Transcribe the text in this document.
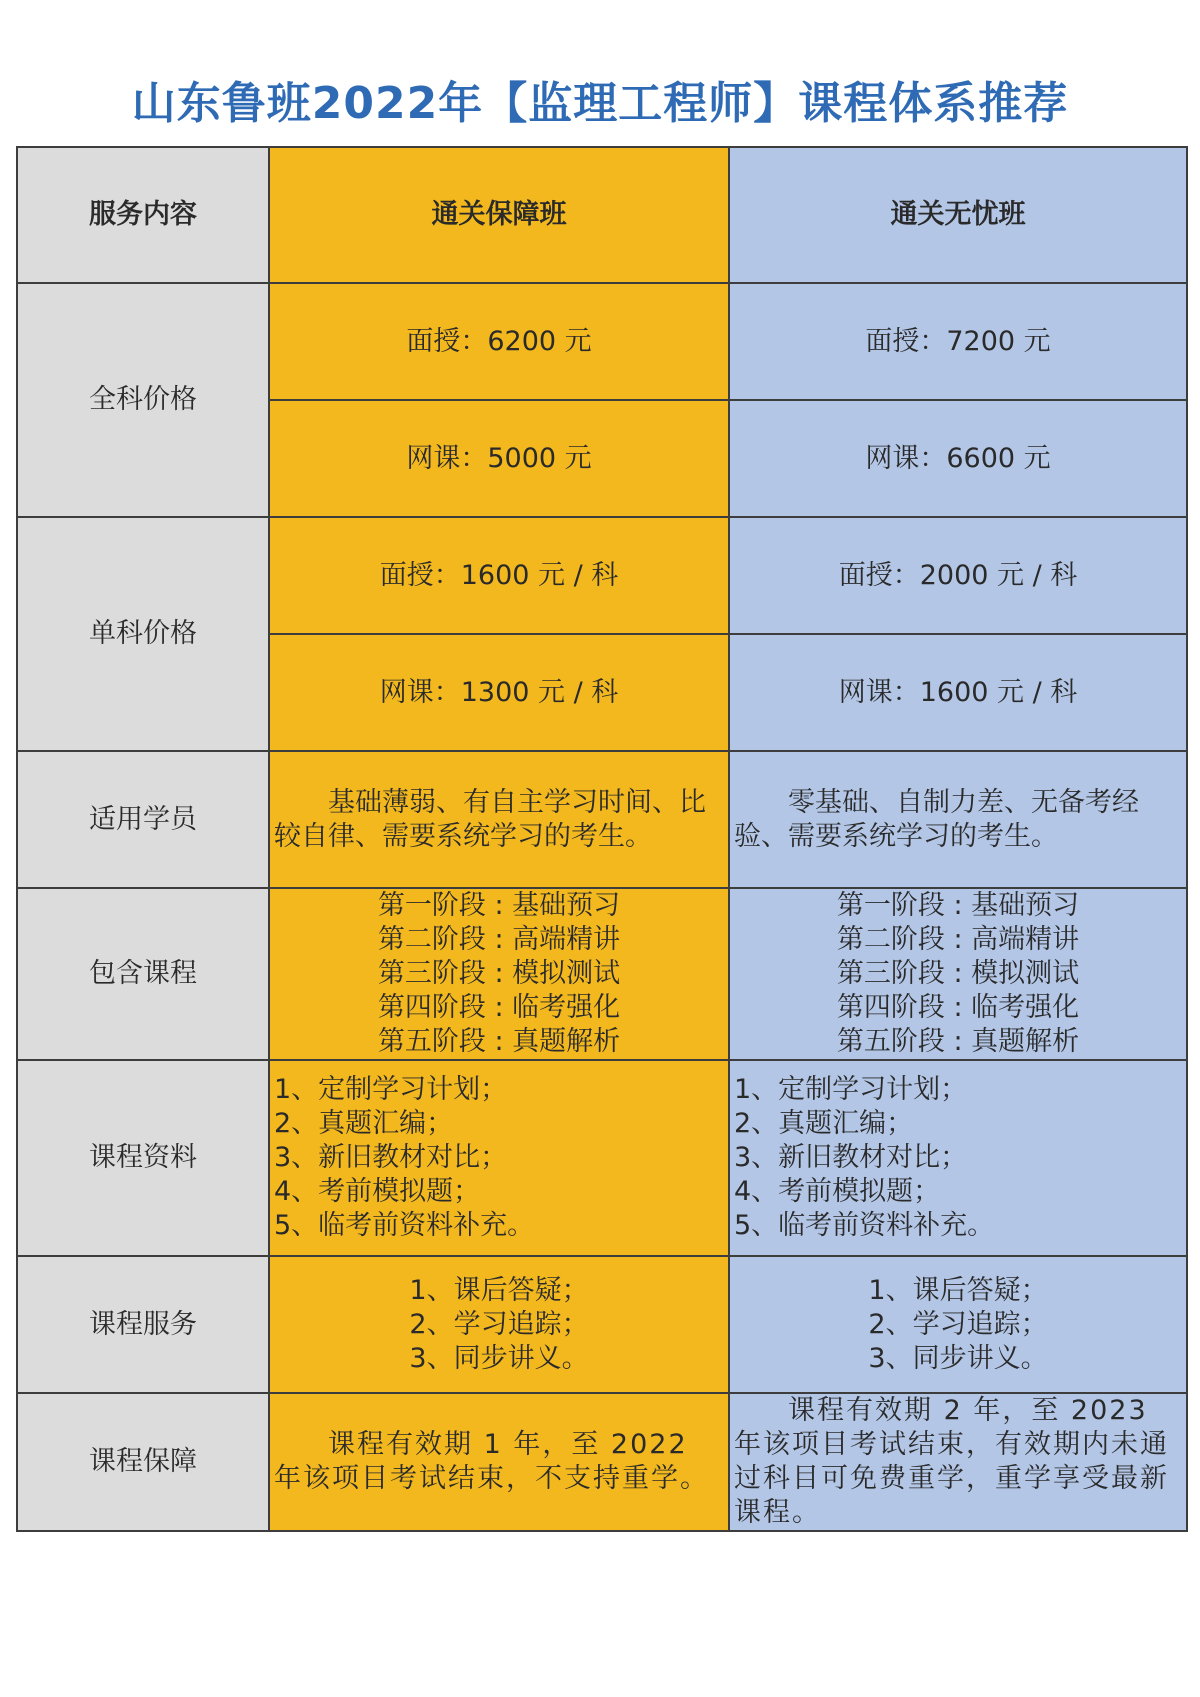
山东鲁班2022年【监理工程师】课程体系推荐
服务内容	通关保障班	通关无忧班
全科价格	面授：6200 元	面授：7200 元
	网课：5000 元	网课：6600 元
单科价格	面授：1600 元 / 科	面授：2000 元 / 科
	网课：1300 元 / 科	网课：1600 元 / 科
适用学员	基础薄弱、有自主学习时间、比较自律、需要系统学习的考生。	零基础、自制力差、无备考经验、需要系统学习的考生。
包含课程	第一阶段 : 基础预习
第二阶段 : 高端精讲
第三阶段 : 模拟测试
第四阶段 : 临考强化
第五阶段 : 真题解析	第一阶段 : 基础预习
第二阶段 : 高端精讲
第三阶段 : 模拟测试
第四阶段 : 临考强化
第五阶段 : 真题解析

课程资料	1、定制学习计划；
2、真题汇编；
3、新旧教材对比；
4、考前模拟题；
5、临考前资料补充。	1、定制学习计划；
2、真题汇编；
3、新旧教材对比；
4、考前模拟题；
5、临考前资料补充。

课程服务	1、课后答疑；
2、学习追踪；
3、同步讲义。	1、课后答疑；
2、学习追踪；
3、同步讲义。

课程保障	课程有效期 1 年，至 2022 年该项目考试结束，不支持重学。	课程有效期 2 年，至 2023 年该项目考试结束，有效期内未通过科目可免费重学，重学享受最新课程。
